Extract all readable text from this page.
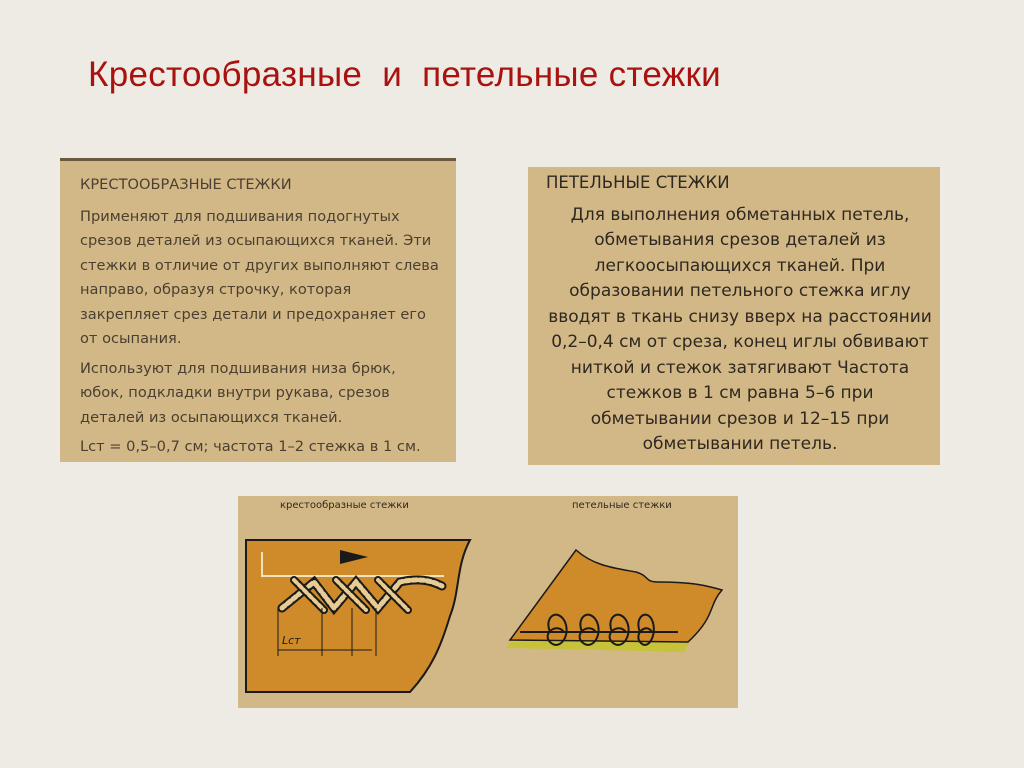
Крестообразные  и  петельные стежки
КРЕСТООБРАЗНЫЕ СТЕЖКИ

Применяют для подшивания подогнутых срезов деталей из осыпающихся тканей. Эти стежки в отличие от других выполняют слева направо, образуя строчку, которая закрепляет срез детали и предохраняет его от осыпания.

Используют для подшивания низа брюк, юбок, подкладки внутри рукава, срезов деталей из осыпающихся тканей.

Lст = 0,5–0,7 см; частота 1–2 стежка в 1 см.

ПЕТЕЛЬНЫЕ СТЕЖКИ

Для выполнения обметанных петель, обметывания срезов деталей из легкоосыпающихся тканей. При образовании петельного стежка иглу вводят в ткань снизу вверх на расстоянии 0,2–0,4 см от среза, конец иглы обвивают ниткой и стежок затягивают Частота стежков в 1 см равна 5–6 при обметывании срезов и 12–15 при обметывании петель.

крестообразные стежки	петельные стежки
Lст
